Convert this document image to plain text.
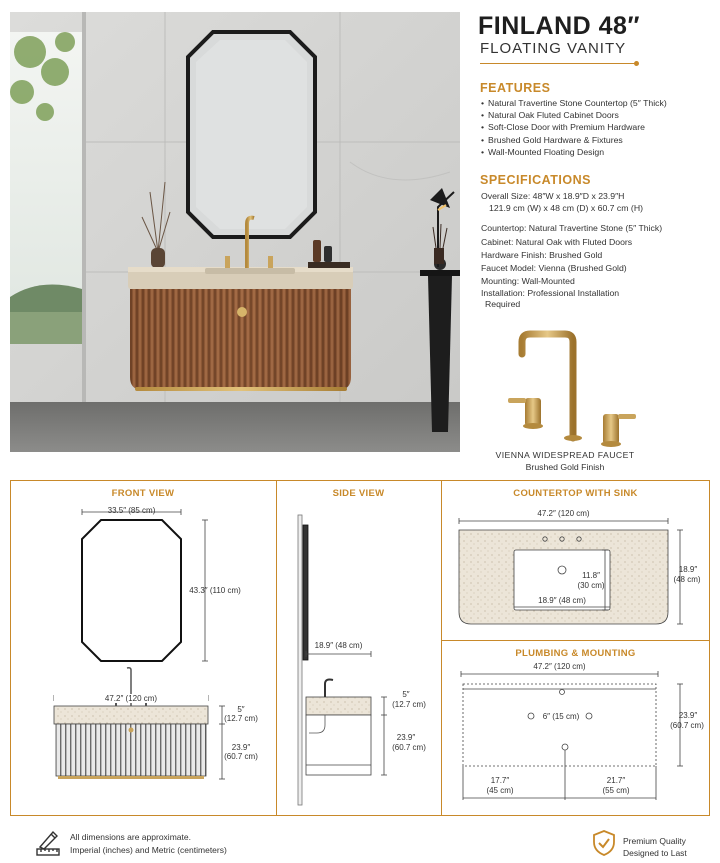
FINLAND 48″
FLOATING VANITY
FEATURES
• Natural Travertine Stone Countertop (5″ Thick)
• Natural Oak Fluted Cabinet Doors
• Soft-Close Door with Premium Hardware
• Brushed Gold Hardware & Fixtures
• Wall-Mounted Floating Design
SPECIFICATIONS
Overall Size: 48″W x 18.9″D x 23.9″H
121.9 cm (W) x 48 cm (D) x 60.7 cm (H)
Countertop: Natural Travertine Stone (5″ Thick)
Cabinet: Natural Oak with Fluted Doors
Hardware Finish: Brushed Gold
Faucet Model: Vienna (Brushed Gold)
Mounting: Wall-Mounted
Installation: Professional Installation
Required
VIENNA WIDESPREAD FAUCET
Brushed Gold Finish
FRONT VIEW	SIDE VIEW	COUNTERTOP WITH SINK
PLUMBING & MOUNTING
33.5″ (85 cm)
43.3″ (110 cm)
47.2″ (120 cm)
5″
(12.7 cm)
23.9″
(60.7 cm)
18.9″ (48 cm)
5″
(12.7 cm)
23.9″
(60.7 cm)
47.2″ (120 cm)
18.9″
(48 cm)
11.8″
(30 cm)
18.9″ (48 cm)
47.2″ (120 cm)
6″ (15 cm)	23.9″
(60.7 cm)
17.7″
(45 cm)
21.7″
(55 cm)
All dimensions are approximate.
Imperial (inches) and Metric (centimeters)
Premium Quality
Designed to Last
